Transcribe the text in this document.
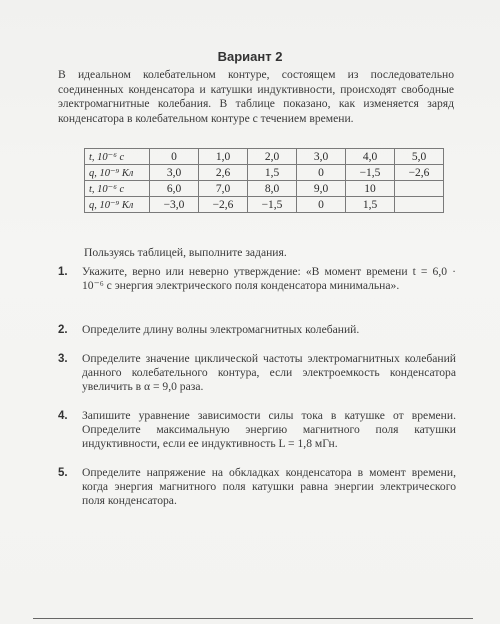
Вариант 2
В идеальном колебательном контуре, состоящем из последовательно соединенных конденсатора и катушки индуктивности, происходят свободные электромагнитные колебания. В таблице показано, как изменяется заряд конденсатора в колебательном контуре с течением времени.
t, 10⁻⁶ с	0	1,0	2,0	3,0	4,0	5,0
q, 10⁻⁹ Кл	3,0	2,6	1,5	0	−1,5	−2,6
t, 10⁻⁶ с	6,0	7,0	8,0	9,0	10	
q, 10⁻⁹ Кл	−3,0	−2,6	−1,5	0	1,5	
Пользуясь таблицей, выполните задания.
1. Укажите, верно или неверно утверждение: «В момент времени t = 6,0 · 10⁻⁶ с энергия электрического поля конденсатора минимальна».
2. Определите длину волны электромагнитных колебаний.
3. Определите значение циклической частоты электромагнитных колебаний данного колебательного контура, если электроемкость конденсатора увеличить в α = 9,0 раза.
4. Запишите уравнение зависимости силы тока в катушке от времени. Определите максимальную энергию магнитного поля катушки индуктивности, если ее индуктивность L = 1,8 мГн.
5. Определите напряжение на обкладках конденсатора в момент времени, когда энергия магнитного поля катушки равна энергии электрического поля конденсатора.
